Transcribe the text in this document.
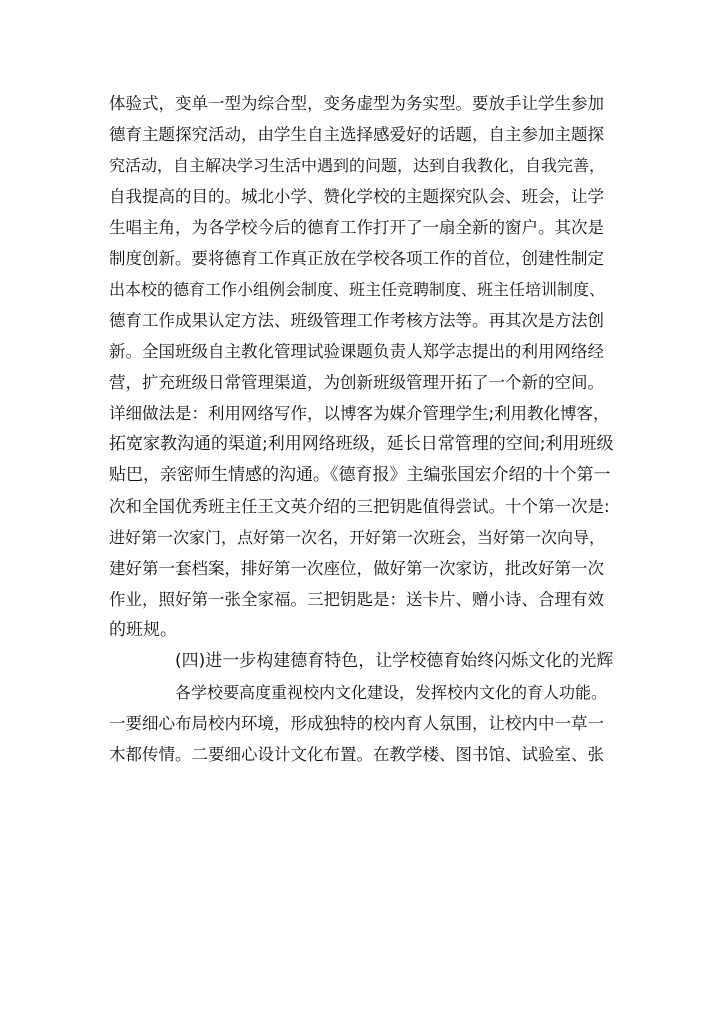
体验式，变单一型为综合型，变务虚型为务实型。要放手让学生参加
德育主题探究活动，由学生自主选择感爱好的话题，自主参加主题探
究活动，自主解决学习生活中遇到的问题，达到自我教化，自我完善，
自我提高的目的。城北小学、赞化学校的主题探究队会、班会，让学
生唱主角，为各学校今后的德育工作打开了一扇全新的窗户。其次是
制度创新。要将德育工作真正放在学校各项工作的首位，创建性制定
出本校的德育工作小组例会制度、班主任竞聘制度、班主任培训制度、
德育工作成果认定方法、班级管理工作考核方法等。再其次是方法创
新。全国班级自主教化管理试验课题负责人郑学志提出的利用网络经
营，扩充班级日常管理渠道，为创新班级管理开拓了一个新的空间。
详细做法是：利用网络写作，以博客为媒介管理学生;利用教化博客，
拓宽家教沟通的渠道;利用网络班级，延长日常管理的空间;利用班级
贴巴，亲密师生情感的沟通。《德育报》主编张国宏介绍的十个第一
次和全国优秀班主任王文英介绍的三把钥匙值得尝试。十个第一次是:
进好第一次家门，点好第一次名，开好第一次班会，当好第一次向导，
建好第一套档案，排好第一次座位，做好第一次家访，批改好第一次
作业，照好第一张全家福。三把钥匙是：送卡片、赠小诗、合理有效
的班规。
(四)进一步构建德育特色，让学校德育始终闪烁文化的光辉
各学校要高度重视校内文化建设，发挥校内文化的育人功能。
一要细心布局校内环境，形成独特的校内育人氛围，让校内中一草一
木都传情。二要细心设计文化布置。在教学楼、图书馆、试验室、张
